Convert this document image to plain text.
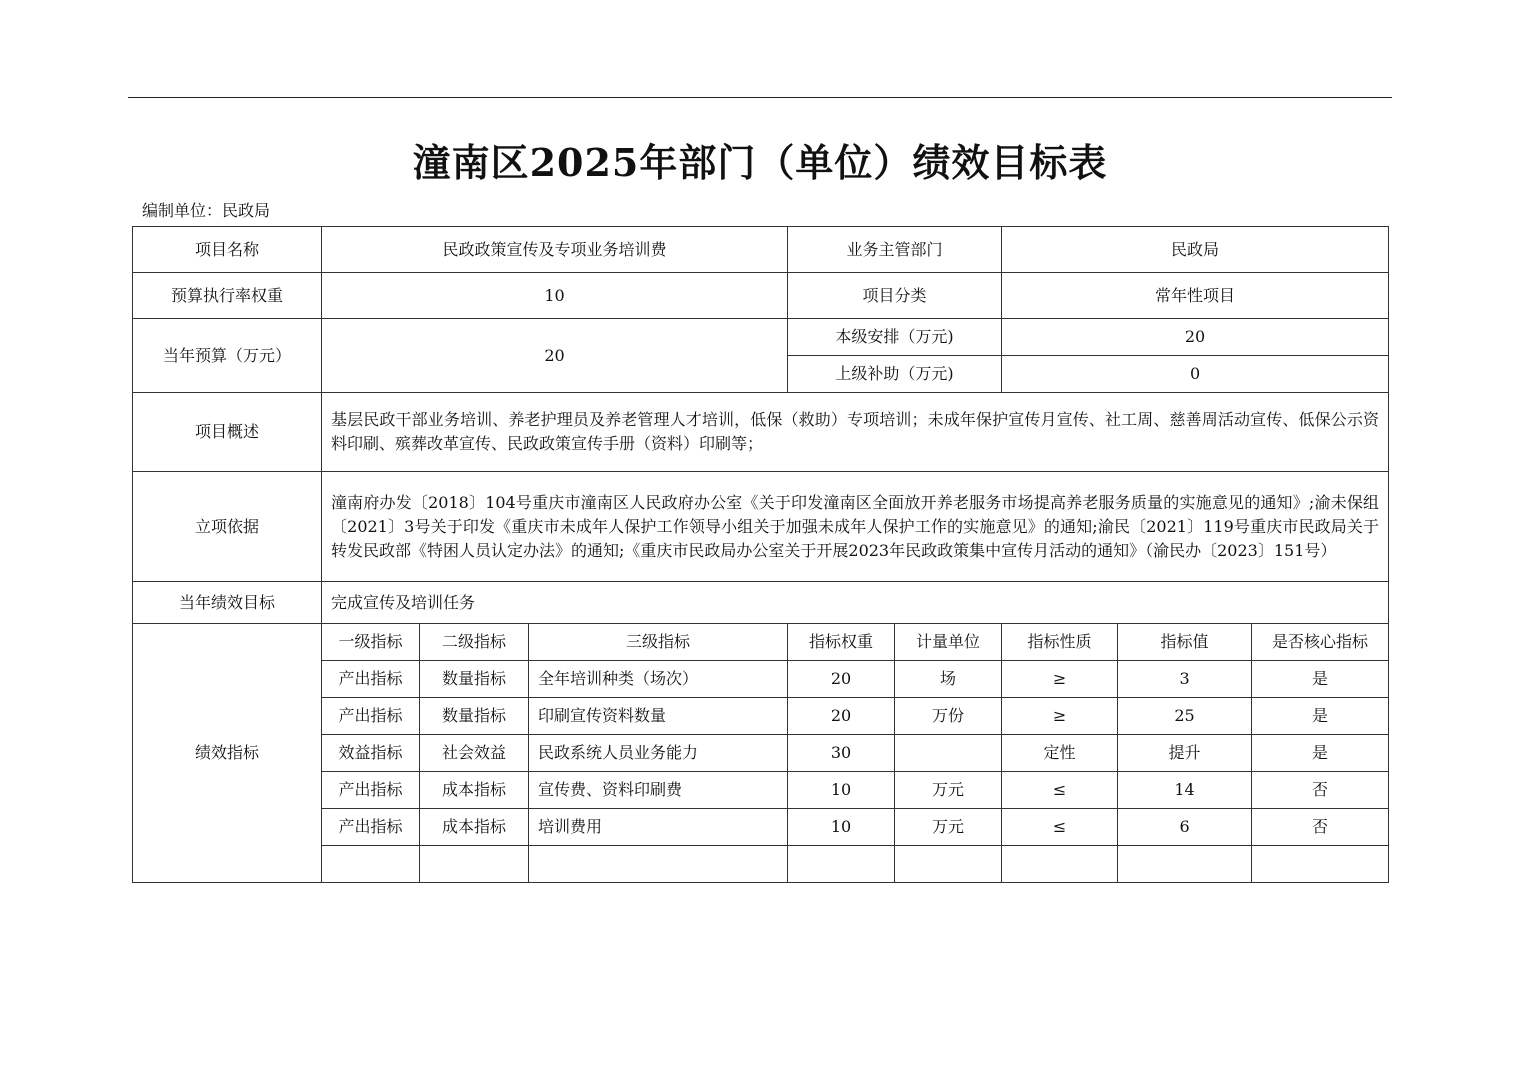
潼南区2025年部门（单位）绩效目标表
编制单位：民政局
项目名称	民政政策宣传及专项业务培训费			业务主管部门		民政局		
预算执行率权重	10			项目分类		常年性项目		
当年预算（万元）	20			本级安排（万元)		20		
				上级补助（万元)		0		
项目概述	基层民政干部业务培训、养老护理员及养老管理人才培训，低保（救助）专项培训；未成年保护宣传月宣传、社工周、慈善周活动宣传、低保公示资料印刷、殡葬改革宣传、民政政策宣传手册（资料）印刷等；							
立项依据	潼南府办发〔2018〕104号重庆市潼南区人民政府办公室《关于印发潼南区全面放开养老服务市场提高养老服务质量的实施意见的通知》;渝未保组〔2021〕3号关于印发《重庆市未成年人保护工作领导小组关于加强未成年人保护工作的实施意见》的通知;渝民〔2021〕119号重庆市民政局关于转发民政部《特困人员认定办法》的通知;《重庆市民政局办公室关于开展2023年民政政策集中宣传月活动的通知》（渝民办〔2023〕151号）							
当年绩效目标	完成宣传及培训任务							
绩效指标	一级指标	二级指标	三级指标	指标权重	计量单位	指标性质	指标值	是否核心指标
	产出指标	数量指标	全年培训种类（场次）	20	场	≥	3	是
	产出指标	数量指标	印刷宣传资料数量	20	万份	≥	25	是
	效益指标	社会效益	民政系统人员业务能力	30		定性	提升	是
	产出指标	成本指标	宣传费、资料印刷费	10	万元	≤	14	否
	产出指标	成本指标	培训费用	10	万元	≤	6	否
